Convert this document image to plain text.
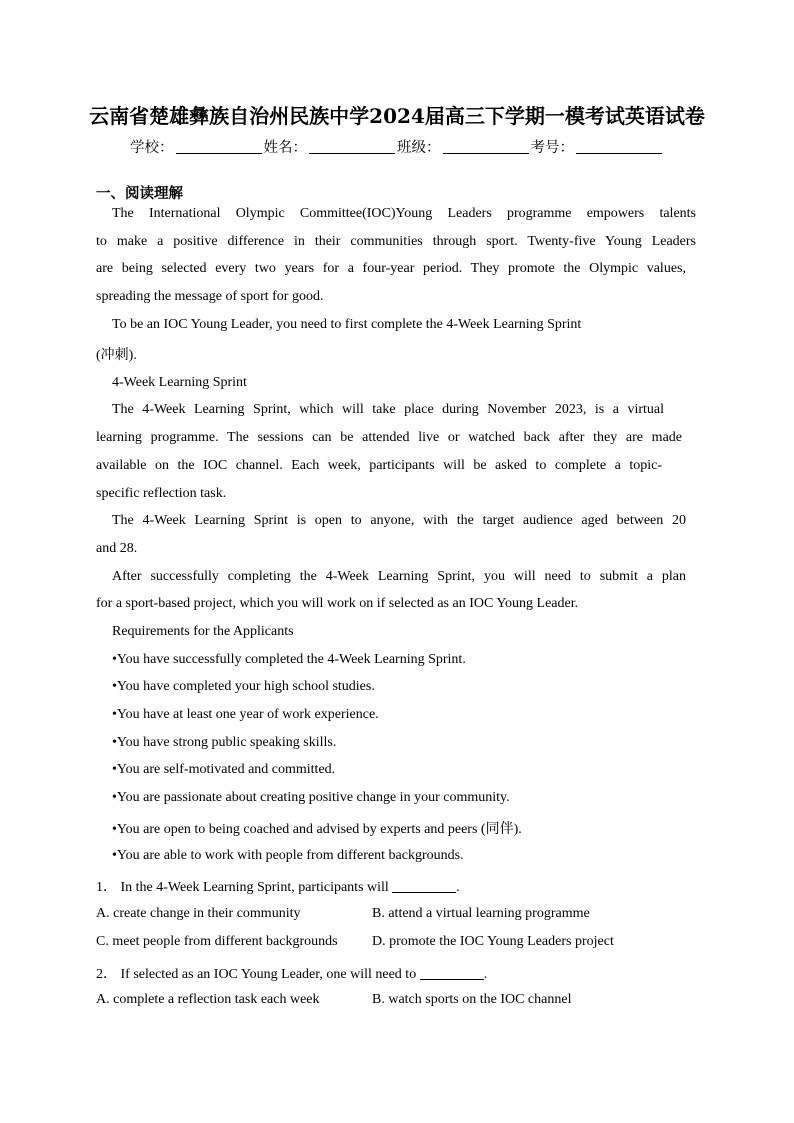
云南省楚雄彝族自治州民族中学2024届高三下学期一模考试英语试卷
学校：	姓名：	班级：	考号：
一、阅读理解
The International Olympic Committee(IOC)Young Leaders programme empowers talents
to make a positive difference in their communities through sport. Twenty-five Young Leaders
are being selected every two years for a four-year period. They promote the Olympic values,
spreading the message of sport for good.
To be an IOC Young Leader, you need to first complete the 4-Week Learning Sprint
(冲刺).
4-Week Learning Sprint
The 4-Week Learning Sprint, which will take place during November 2023, is a virtual
learning programme. The sessions can be attended live or watched back after they are made
available on the IOC channel. Each week, participants will be asked to complete a topic-
specific reflection task.
The 4-Week Learning Sprint is open to anyone, with the target audience aged between 20
and 28.
After successfully completing the 4-Week Learning Sprint, you will need to submit a plan
for a sport-based project, which you will work on if selected as an IOC Young Leader.
Requirements for the Applicants
•You have successfully completed the 4-Week Learning Sprint.
•You have completed your high school studies.
•You have at least one year of work experience.
•You have strong public speaking skills.
•You are self-motivated and committed.
•You are passionate about creating positive change in your community.
•You are open to being coached and advised by experts and peers (同伴).
•You are able to work with people from different backgrounds.
1． In the 4-Week Learning Sprint, participants will	.
A. create change in their community	B. attend a virtual learning programme
C. meet people from different backgrounds	D. promote the IOC Young Leaders project
2． If selected as an IOC Young Leader, one will need to	.
A. complete a reflection task each week	B. watch sports on the IOC channel
